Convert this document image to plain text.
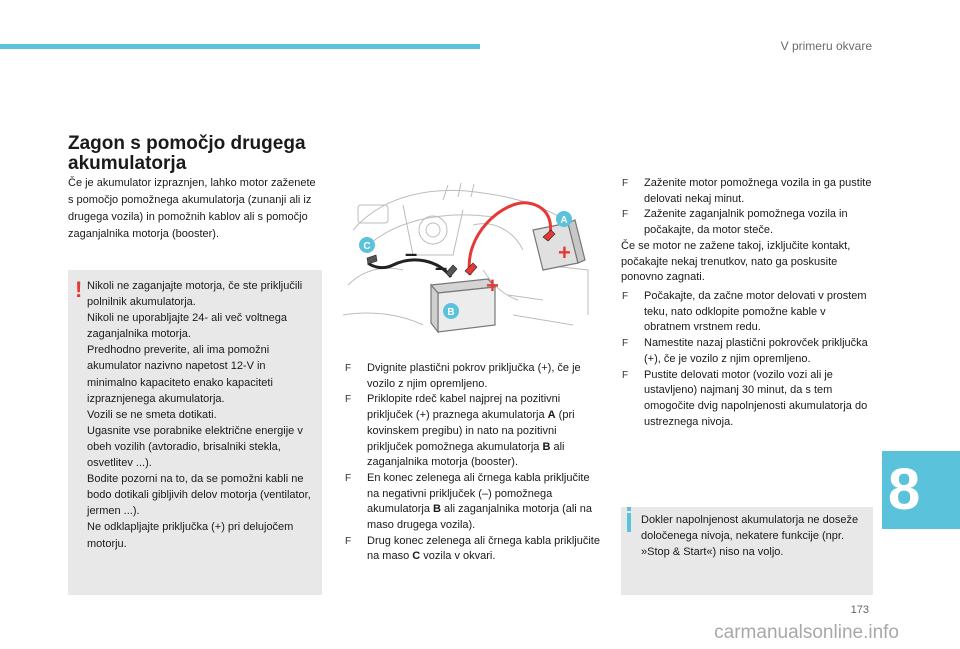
V primeru okvare
Zagon s pomočjo drugega akumulatorja

Če je akumulator izpraznjen, lahko motor zaženete s pomočjo pomožnega akumulatorja (zunanji ali iz drugega vozila) in pomožnih kablov ali s pomočjo zaganjalnika motorja (booster).

! Nikoli ne zaganjajte motorja, če ste priključili polnilnik akumulatorja.

Nikoli ne uporabljajte 24- ali več voltnega zaganjalnika motorja.

Predhodno preverite, ali ima pomožni akumulator nazivno napetost 12-V in minimalno kapaciteto enako kapaciteti izpraznjenega akumulatorja.

Vozili se ne smeta dotikati.

Ugasnite vse porabnike električne energije v obeh vozilih (avtoradio, brisalniki stekla, osvetlitev ...).

Bodite pozorni na to, da se pomožni kabli ne bodo dotikali gibljivih delov motorja (ventilator, jermen ...).

Ne odklapljajte priključka (+) pri delujočem motorju.

C
A
B
–
–
+
+
F Dvignite plastični pokrov priključka (+), če je vozilo z njim opremljeno.
F Priklopite rdeč kabel najprej na pozitivni priključek (+) praznega akumulatorja A (pri kovinskem pregibu) in nato na pozitivni priključek pomožnega akumulatorja B ali zaganjalnika motorja (booster).
F En konec zelenega ali črnega kabla priključite na negativni priključek (–) pomožnega akumulatorja B ali zaganjalnika motorja (ali na maso drugega vozila).
F Drug konec zelenega ali črnega kabla priključite na maso C vozila v okvari.
F Zaženite motor pomožnega vozila in ga pustite delovati nekaj minut.
F Zaženite zaganjalnik pomožnega vozila in počakajte, da motor steče.

Če se motor ne zažene takoj, izključite kontakt, počakajte nekaj trenutkov, nato ga poskusite ponovno zagnati.

F Počakajte, da začne motor delovati v prostem teku, nato odklopite pomožne kable v obratnem vrstnem redu.
F Namestite nazaj plastični pokrovček priključka (+), če je vozilo z njim opremljeno.
F Pustite delovati motor (vozilo vozi ali je ustavljeno) najmanj 30 minut, da s tem omogočite dvig napolnjenosti akumulatorja do ustreznega nivoja.

Dokler napolnjenost akumulatorja ne doseže določenega nivoja, nekatere funkcije (npr. »Stop & Start«) niso na voljo.

8
173
carmanualsonline.info
